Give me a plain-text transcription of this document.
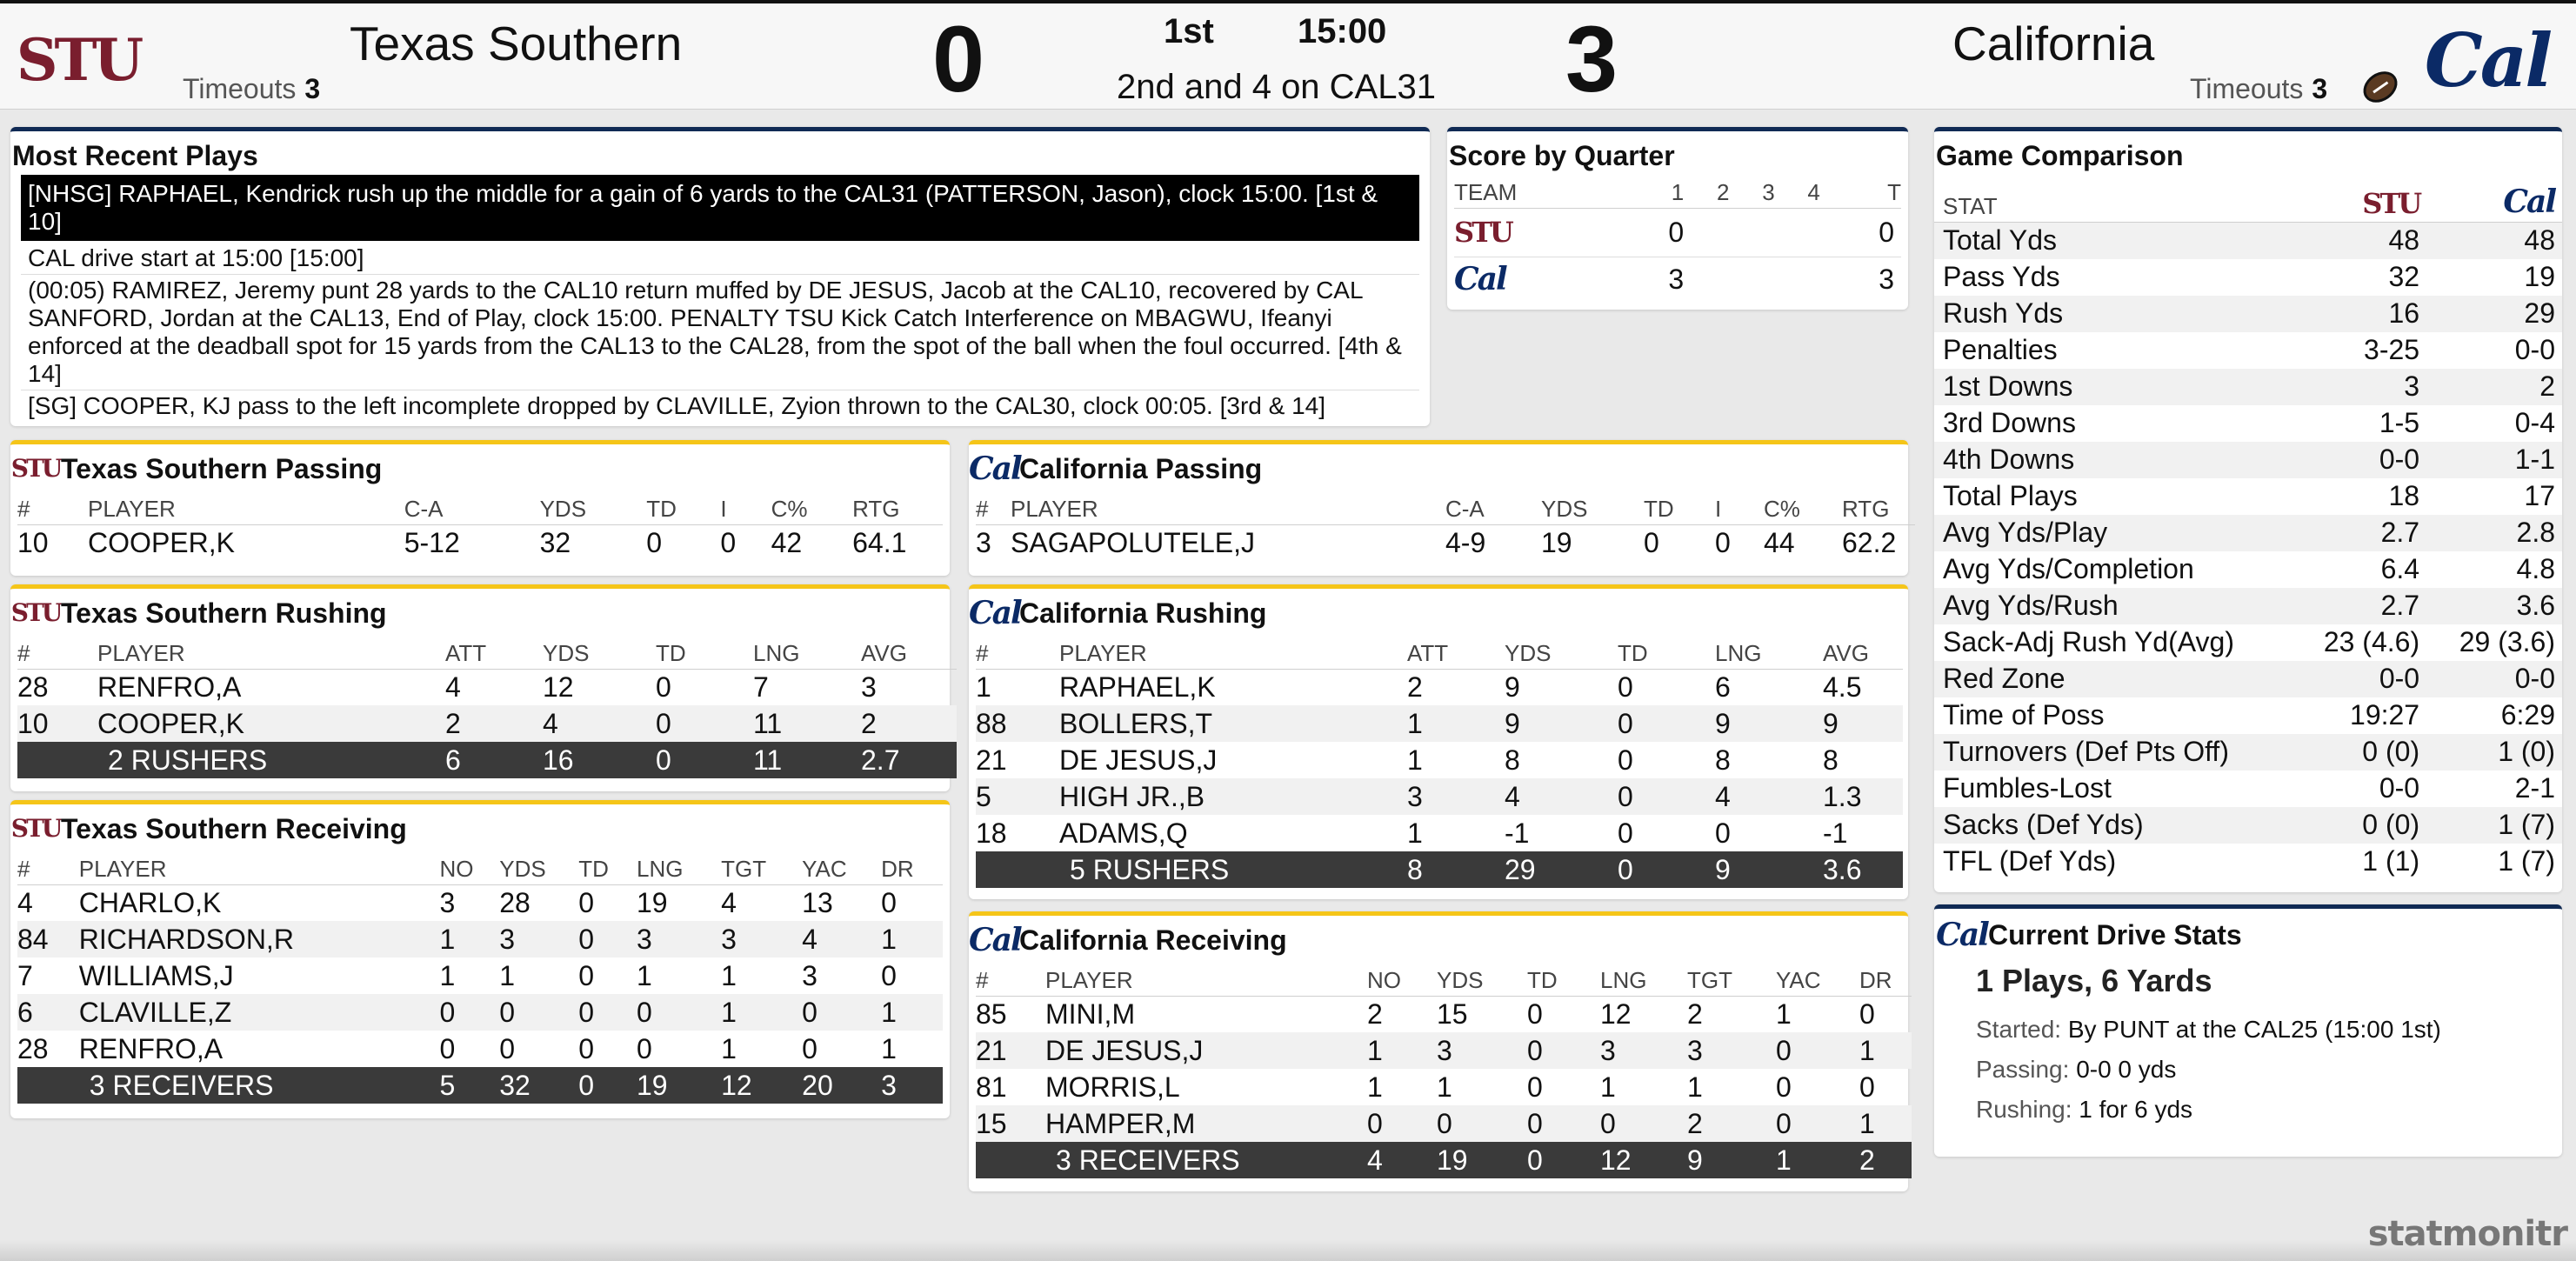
STU	Texas Southern
Timeouts 3	0	1st 15:00
2nd and 4 on CAL31 3	California
Timeouts 3 Cal
Most Recent Plays
[NHSG] RAPHAEL, Kendrick rush up the middle for a gain of 6 yards to the CAL31 (PATTERSON, Jason), clock 15:00. [1st & 10]
CAL drive start at 15:00 [15:00]
(00:05) RAMIREZ, Jeremy punt 28 yards to the CAL10 return muffed by DE JESUS, Jacob at the CAL10, recovered by CAL SANFORD, Jordan at the CAL13, End of Play, clock 15:00. PENALTY TSU Kick Catch Interference on MBAGWU, Ifeanyi enforced at the deadball spot for 15 yards from the CAL13 to the CAL28, from the spot of the ball when the foul occurred. [4th & 14]
[SG] COOPER, KJ pass to the left incomplete dropped by CLAVILLE, Zyion thrown to the CAL30, clock 00:05. [3rd & 14]
Score by Quarter
TEAM	1	2	3	4	T
STU	0				0
Cal	3				3
Game Comparison
STAT	STU	Cal
Total Yds	48	48
Pass Yds	32	19
Rush Yds	16	29
Penalties	3-25	0-0
1st Downs	3	2
3rd Downs	1-5	0-4
4th Downs	0-0	1-1
Total Plays	18	17
Avg Yds/Play	2.7	2.8
Avg Yds/Completion	6.4	4.8
Avg Yds/Rush	2.7	3.6
Sack-Adj Rush Yd(Avg)	23 (4.6)	29 (3.6)
Red Zone	0-0	0-0
Time of Poss	19:27	6:29
Turnovers (Def Pts Off)	0 (0)	1 (0)
Fumbles-Lost	0-0	2-1
Sacks (Def Yds)	0 (0)	1 (7)
TFL (Def Yds)	1 (1)	1 (7)
Cal Current Drive Stats
1 Plays, 6 Yards
Started: By PUNT at the CAL25 (15:00 1st)
Passing: 0-0 0 yds
Rushing: 1 for 6 yds
STU Texas Southern Passing
#	PLAYER	C-A	YDS	TD	I	C%	RTG
10	COOPER,K	5-12	32	0	0	42	64.1
STU Texas Southern Rushing
#	PLAYER	ATT	YDS	TD	LNG	AVG
28	RENFRO,A	4	12	0	7	3
10	COOPER,K	2	4	0	11	2
	2 RUSHERS	6	16	0	11	2.7
STU Texas Southern Receiving
#	PLAYER	NO	YDS	TD	LNG	TGT	YAC	DR
4	CHARLO,K	3	28	0	19	4	13	0
84	RICHARDSON,R	1	3	0	3	3	4	1
7	WILLIAMS,J	1	1	0	1	1	3	0
6	CLAVILLE,Z	0	0	0	0	1	0	1
28	RENFRO,A	0	0	0	0	1	0	1
	3 RECEIVERS	5	32	0	19	12	20	3
Cal
California Passing
#	PLAYER	C-A	YDS	TD	I	C%	RTG
3	SAGAPOLUTELE,J	4-9	19	0	0	44	62.2
Cal
California Rushing
#	PLAYER	ATT	YDS	TD	LNG	AVG
1	RAPHAEL,K	2	9	0	6	4.5
88	BOLLERS,T	1	9	0	9	9
21	DE JESUS,J	1	8	0	8	8
5	HIGH JR.,B	3	4	0	4	1.3
18	ADAMS,Q	1	-1	0	0	-1
	5 RUSHERS	8	29	0	9	3.6
Cal
California Receiving
#	PLAYER	NO	YDS	TD	LNG	TGT	YAC	DR
85	MINI,M	2	15	0	12	2	1	0
21	DE JESUS,J	1	3	0	3	3	0	1
81	MORRIS,L	1	1	0	1	1	0	0
15	HAMPER,M	0	0	0	0	2	0	1
	3 RECEIVERS	4	19	0	12	9	1	2
statmonitr
